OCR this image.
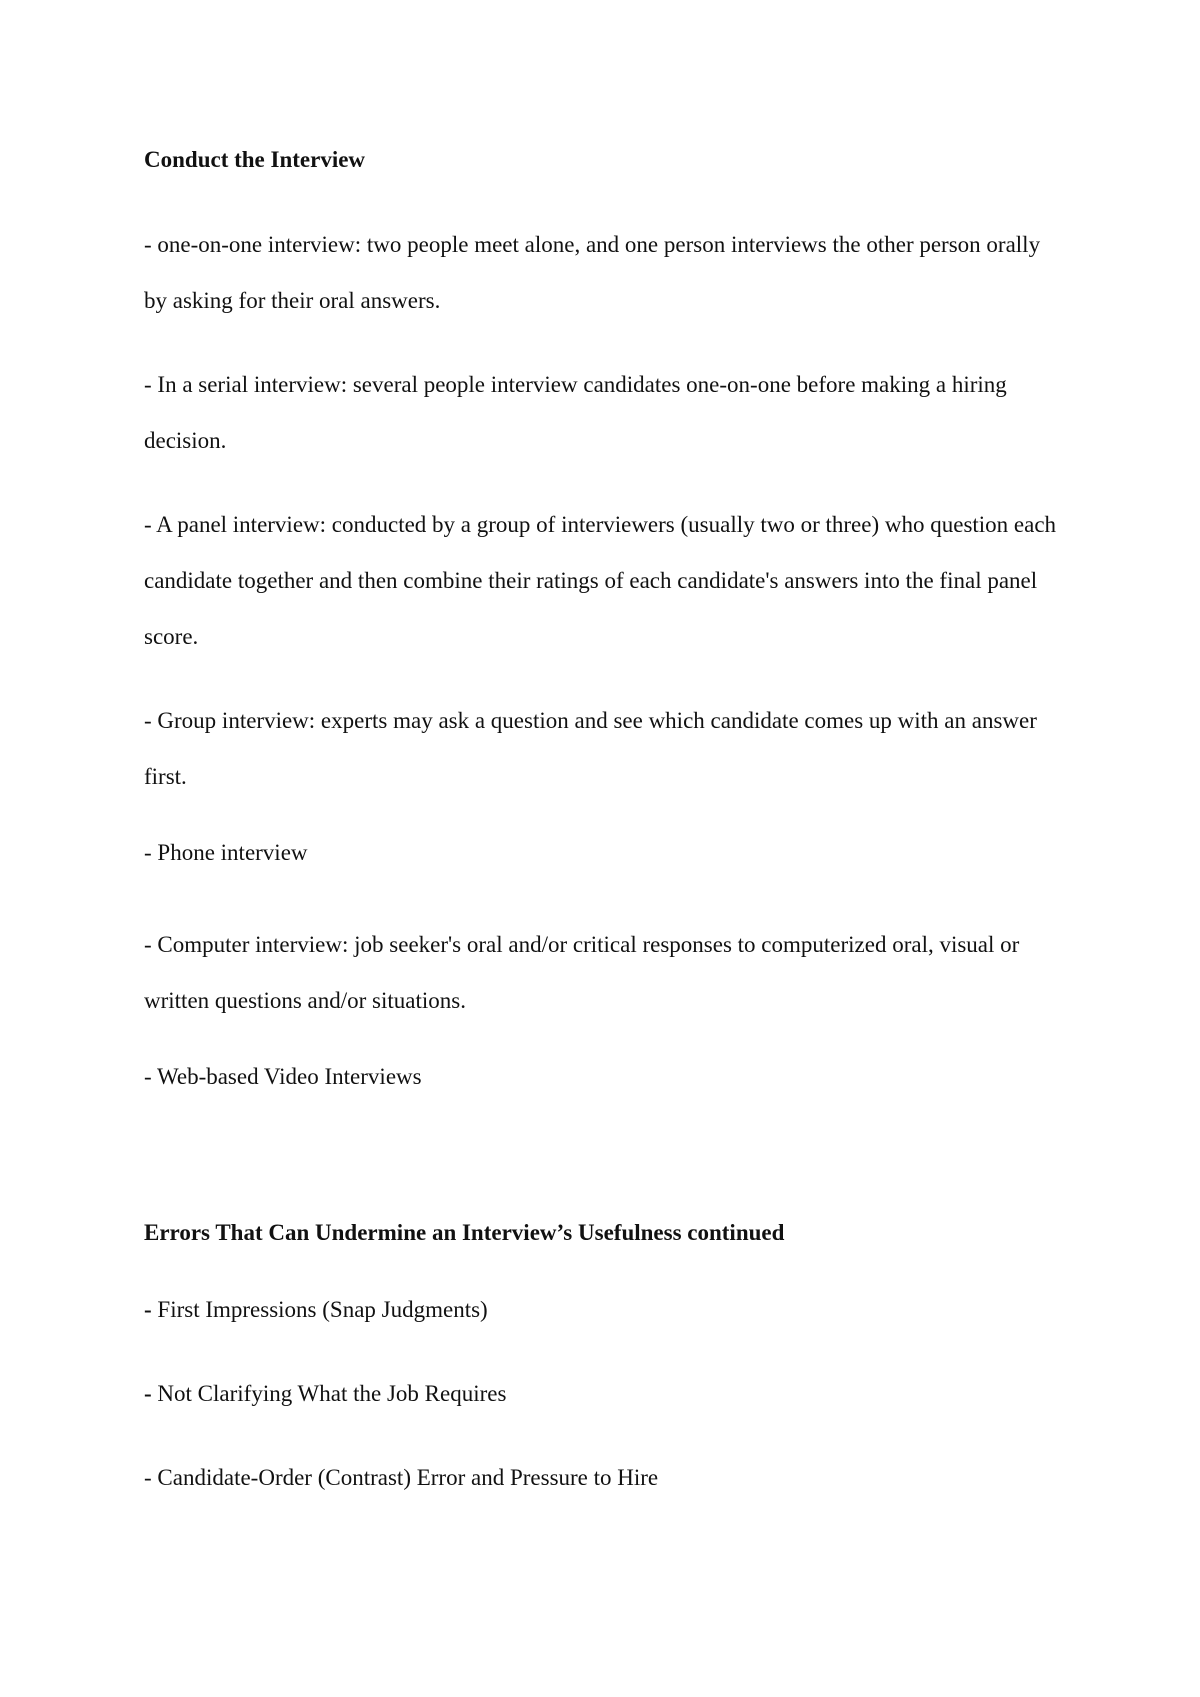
Conduct the Interview

- one-on-one interview: two people meet alone, and one person interviews the other person orally by asking for their oral answers.

- In a serial interview: several people interview candidates one-on-one before making a hiring decision.

- A panel interview: conducted by a group of interviewers (usually two or three) who question each candidate together and then combine their ratings of each candidate's answers into the final panel score.

- Group interview: experts may ask a question and see which candidate comes up with an answer first.

- Phone interview

- Computer interview: job seeker's oral and/or critical responses to computerized oral, visual or written questions and/or situations.

- Web-based Video Interviews

Errors That Can Undermine an Interview’s Usefulness continued

- First Impressions (Snap Judgments)

- Not Clarifying What the Job Requires

- Candidate-Order (Contrast) Error and Pressure to Hire
